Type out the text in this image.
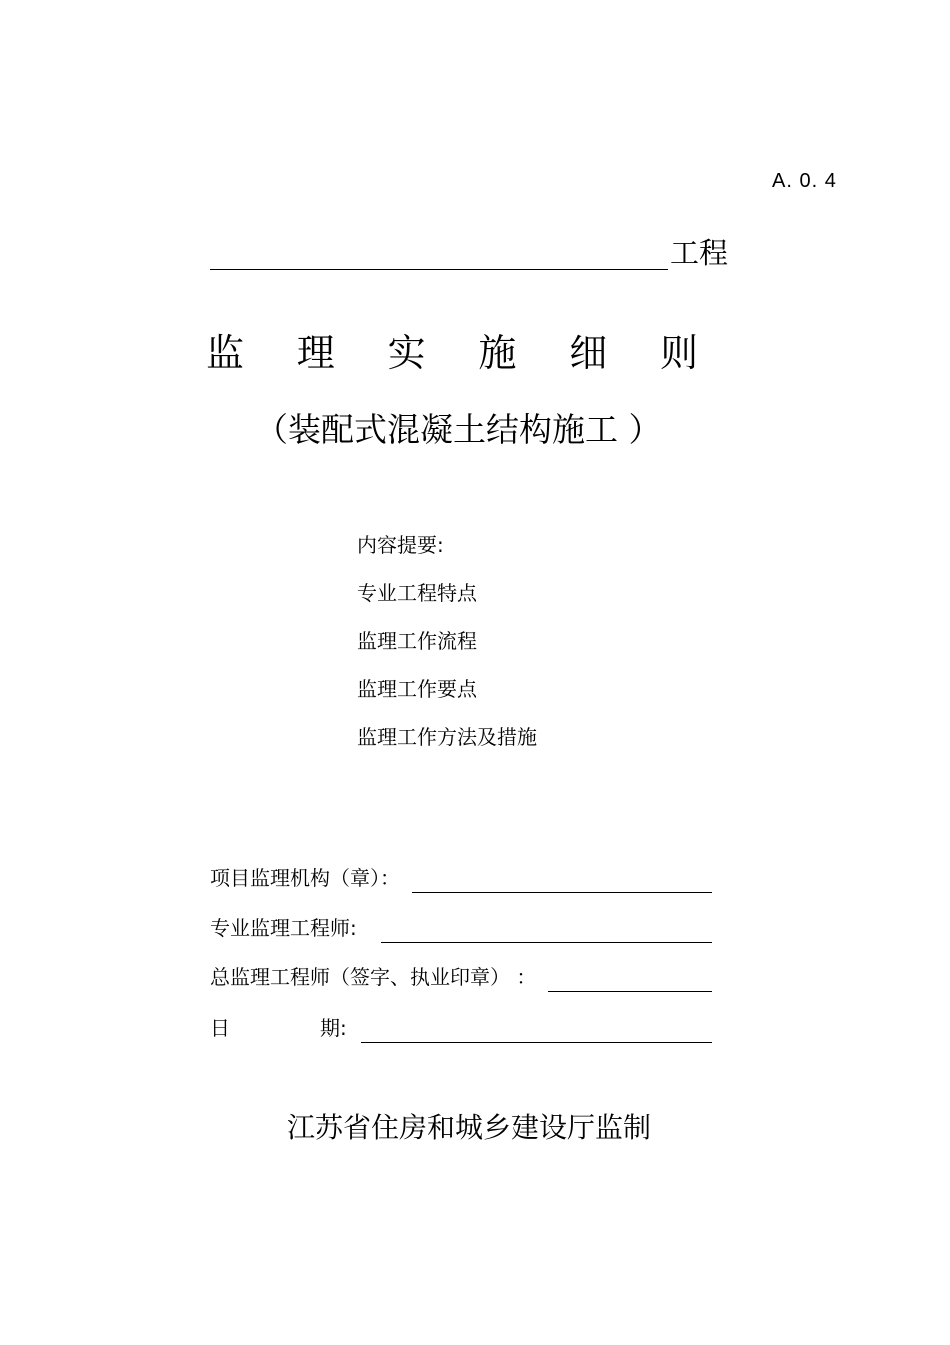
A. 0. 4
工程
监 理 实 施 细 则
（装配式混凝土结构施工 ）
内容提要:
专业工程特点
监理工作流程
监理工作要点
监理工作方法及措施
项目监理机构（章）：
专业监理工程师:
总监理工程师（签字、执业印章） ：
日	期:
江苏省住房和城乡建设厅监制
